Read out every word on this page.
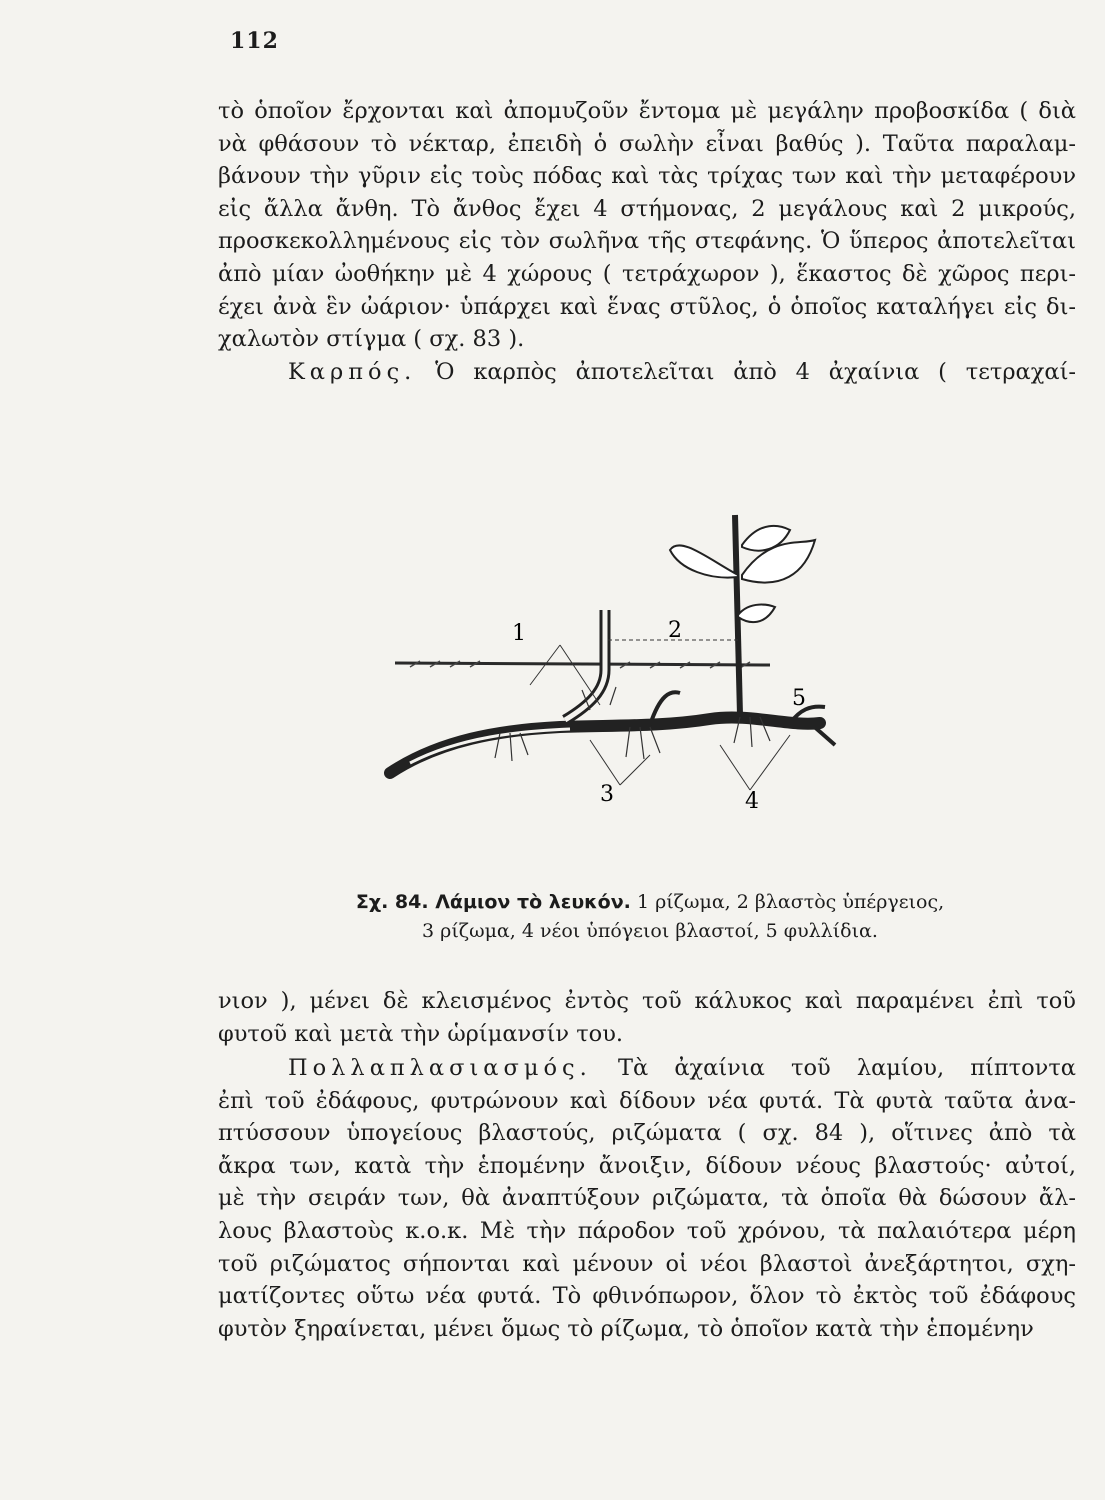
112
τὸ ὁποῖον ἔρχονται καὶ ἀπομυζοῦν ἔντομα μὲ μεγάλην προβοσκίδα ( διὰ
νὰ φθάσουν τὸ νέκταρ, ἐπειδὴ ὁ σωλὴν εἶναι βαθύς ). Ταῦτα παραλαμ-
βάνουν τὴν γῦριν εἰς τοὺς πόδας καὶ τὰς τρίχας των καὶ τὴν μεταφέρουν
εἰς ἄλλα ἄνθη. Τὸ ἄνθος ἔχει 4 στήμονας, 2 μεγάλους καὶ 2 μικρούς,
προσκεκολλημένους εἰς τὸν σωλῆνα τῆς στεφάνης. Ὁ ὕπερος ἀποτελεῖται
ἀπὸ μίαν ὠοθήκην μὲ 4 χώρους ( τετράχωρον ), ἕκαστος δὲ χῶρος περι-
έχει ἀνὰ ἓν ὠάριον· ὑπάρχει καὶ ἕνας στῦλος, ὁ ὁποῖος καταλήγει εἰς δι-
χαλωτὸν στίγμα ( σχ. 83 ).
Καρπός. Ὁ καρπὸς ἀποτελεῖται ἀπὸ 4 ἀχαίνια ( τετραχαί-
1	2
3	4
5
Σχ. 84. Λάμιον τὸ λευκόν. 1 ρίζωμα, 2 βλαστὸς ὑπέργειος,
3 ρίζωμα, 4 νέοι ὑπόγειοι βλαστοί, 5 φυλλίδια.
νιον ), μένει δὲ κλεισμένος ἐντὸς τοῦ κάλυκος καὶ παραμένει ἐπὶ τοῦ
φυτοῦ καὶ μετὰ τὴν ὡρίμανσίν του.
Πολλαπλασιασμός. Τὰ ἀχαίνια τοῦ λαμίου, πίπτοντα
ἐπὶ τοῦ ἐδάφους, φυτρώνουν καὶ δίδουν νέα φυτά. Τὰ φυτὰ ταῦτα ἀνα-
πτύσσουν ὑπογείους βλαστούς, ριζώματα ( σχ. 84 ), οἵτινες ἀπὸ τὰ
ἄκρα των, κατὰ τὴν ἑπομένην ἄνοιξιν, δίδουν νέους βλαστούς· αὐτοί,
μὲ τὴν σειράν των, θὰ ἀναπτύξουν ριζώματα, τὰ ὁποῖα θὰ δώσουν ἄλ-
λους βλαστοὺς κ.ο.κ. Μὲ τὴν πάροδον τοῦ χρόνου, τὰ παλαιότερα μέρη
τοῦ ριζώματος σήπονται καὶ μένουν οἱ νέοι βλαστοὶ ἀνεξάρτητοι, σχη-
ματίζοντες οὕτω νέα φυτά. Τὸ φθινόπωρον, ὅλον τὸ ἐκτὸς τοῦ ἐδάφους
φυτὸν ξηραίνεται, μένει ὅμως τὸ ρίζωμα, τὸ ὁποῖον κατὰ τὴν ἑπομένην
